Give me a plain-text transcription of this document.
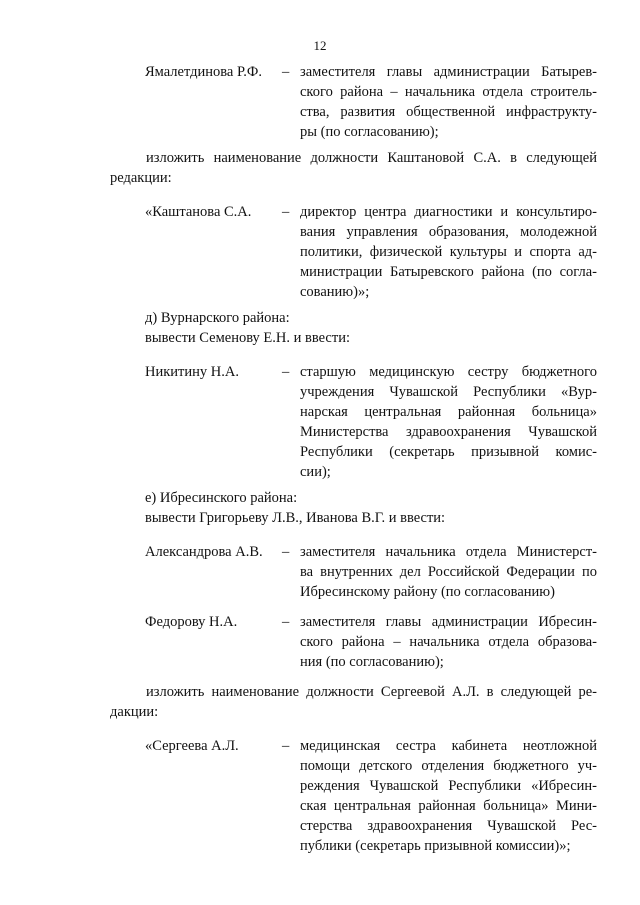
12
Ямалетдинова Р.Ф. – заместителя главы администрации Батырев-
ского района – начальника отдела строитель-
ства, развития общественной инфраструкту-
ры (по согласованию);
изложить наименование должности Каштановой С.А. в следующей
редакции:
«Каштанова С.А. – директор центра диагностики и консультиро-
вания управления образования, молодежной
политики, физической культуры и спорта ад-
министрации Батыревского района (по согла-
сованию)»;
д) Вурнарского района:
вывести Семенову Е.Н. и ввести:
Никитину Н.А.	– старшую медицинскую сестру бюджетного
учреждения Чувашской Республики «Вур-
нарская центральная районная больница»
Министерства здравоохранения Чувашской
Республики (секретарь призывной комис-
сии);
е) Ибресинского района:
вывести Григорьеву Л.В., Иванова В.Г. и ввести:
Александрова А.В. – заместителя начальника отдела Министерст-
ва внутренних дел Российской Федерации по
Ибресинскому району (по согласованию)
Федорову Н.А.	– заместителя главы администрации Ибресин-
ского района – начальника отдела образова-
ния (по согласованию);
изложить наименование должности Сергеевой А.Л. в следующей ре-
дакции:
«Сергеева А.Л.	– медицинская сестра кабинета неотложной
помощи детского отделения бюджетного уч-
реждения Чувашской Республики «Ибресин-
ская центральная районная больница» Мини-
стерства здравоохранения Чувашской Рес-
публики (секретарь призывной комиссии)»;
